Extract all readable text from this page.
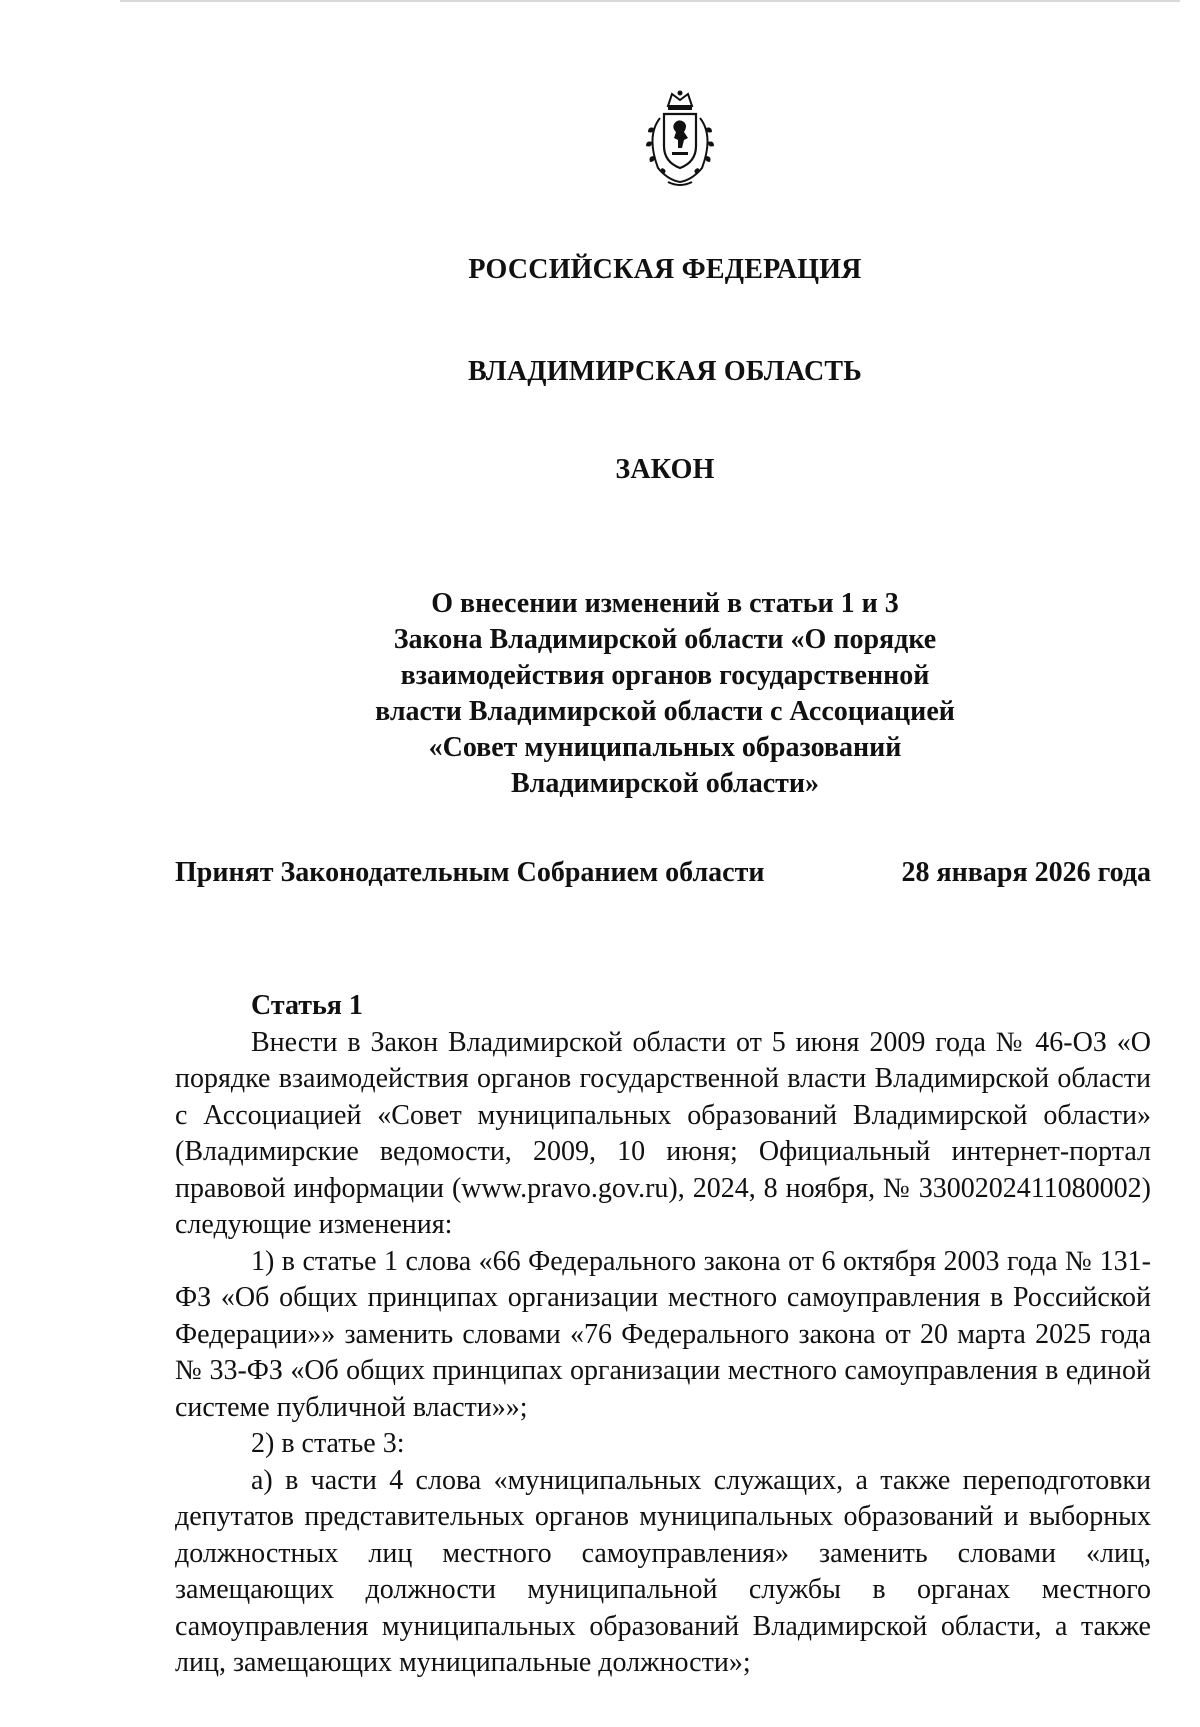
РОССИЙСКАЯ ФЕДЕРАЦИЯ
ВЛАДИМИРСКАЯ ОБЛАСТЬ
ЗАКОН
О внесении изменений в статьи 1 и 3
Закона Владимирской области «О порядке
взаимодействия органов государственной
власти Владимирской области с Ассоциацией
«Совет муниципальных образований
Владимирской области»
Принят Законодательным Собранием области	28 января 2026 года

Статья 1

Внести в Закон Владимирской области от 5 июня 2009 года № 46-ОЗ «О порядке взаимодействия органов государственной власти Владимирской области с Ассоциацией «Совет муниципальных образований Владимирской области» (Владимирские ведомости, 2009, 10 июня; Официальный интернет-портал правовой информации (www.pravo.gov.ru), 2024, 8 ноября, № 3300202411080002) следующие изменения:

1) в статье 1 слова «66 Федерального закона от 6 октября 2003 года № 131-ФЗ «Об общих принципах организации местного самоуправления в Российской Федерации»» заменить словами «76 Федерального закона от 20 марта 2025 года № 33-ФЗ «Об общих принципах организации местного самоуправления в единой системе публичной власти»»;

2) в статье 3:

а) в части 4 слова «муниципальных служащих, а также переподготовки депутатов представительных органов муниципальных образований и выборных должностных лиц местного самоуправления» заменить словами «лиц, замещающих должности муниципальной службы в органах местного самоуправления муниципальных образований Владимирской области, а также лиц, замещающих муниципальные должности»;
